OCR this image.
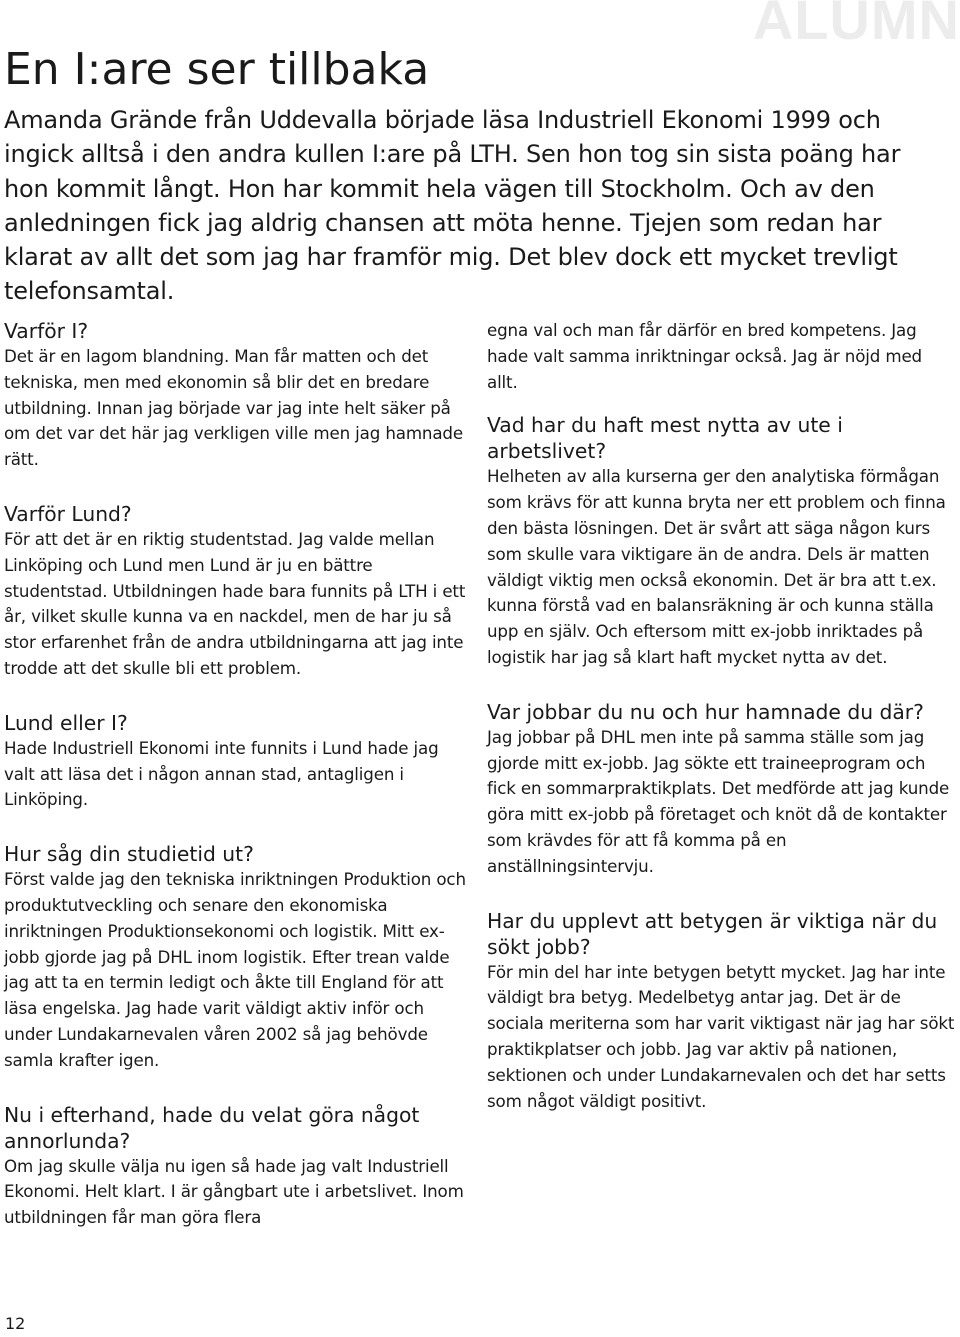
ALUMN
En I:are ser tillbaka

Amanda Grände från Uddevalla började läsa Industriell Ekonomi 1999 och ingick alltså i den andra kullen I:are på LTH. Sen hon tog sin sista poäng har hon kommit långt. Hon har kommit hela vägen till Stockholm. Och av den anledningen fick jag aldrig chansen att möta henne. Tjejen som redan har klarat av allt det som jag har framför mig. Det blev dock ett mycket trevligt telefonsamtal.

Varför I?

Det är en lagom blandning. Man får matten och det tekniska, men med ekonomin så blir det en bredare utbildning. Innan jag började var jag inte helt säker på om det var det här jag verkligen ville men jag hamnade rätt.

Varför Lund?

För att det är en riktig studentstad. Jag valde mellan Linköping och Lund men Lund är ju en bättre studentstad. Utbildningen hade bara funnits på LTH i ett år, vilket skulle kunna va en nackdel, men de har ju så stor erfarenhet från de andra utbildningarna att jag inte trodde att det skulle bli ett problem.

Lund eller I?

Hade Industriell Ekonomi inte funnits i Lund hade jag valt att läsa det i någon annan stad, antagligen i Linköping.

Hur såg din studietid ut?

Först valde jag den tekniska inriktningen Produktion och produktutveckling och senare den ekonomiska inriktningen Produktionsekonomi och logistik. Mitt ex-jobb gjorde jag på DHL inom logistik. Efter trean valde jag att ta en termin ledigt och åkte till England för att läsa engelska. Jag hade varit väldigt aktiv inför och under Lundakarnevalen våren 2002 så jag behövde samla krafter igen.

Nu i efterhand, hade du velat göra något annorlunda?

Om jag skulle välja nu igen så hade jag valt Industriell Ekonomi. Helt klart. I är gångbart ute i arbetslivet. Inom utbildningen får man göra flera

egna val och man får därför en bred kompetens. Jag hade valt samma inriktningar också. Jag är nöjd med allt.

Vad har du haft mest nytta av ute i arbetslivet?

Helheten av alla kurserna ger den analytiska förmågan som krävs för att kunna bryta ner ett problem och finna den bästa lösningen. Det är svårt att säga någon kurs som skulle vara viktigare än de andra. Dels är matten väldigt viktig men också ekonomin. Det är bra att t.ex. kunna förstå vad en balansräkning är och kunna ställa upp en själv. Och eftersom mitt ex-jobb inriktades på logistik har jag så klart haft mycket nytta av det.

Var jobbar du nu och hur hamnade du där?

Jag jobbar på DHL men inte på samma ställe som jag gjorde mitt ex-jobb. Jag sökte ett traineeprogram och fick en sommarpraktikplats. Det medförde att jag kunde göra mitt ex-jobb på företaget och knöt då de kontakter som krävdes för att få komma på en anställningsintervju.

Har du upplevt att betygen är viktiga när du sökt jobb?

För min del har inte betygen betytt mycket. Jag har inte väldigt bra betyg. Medelbetyg antar jag. Det är de sociala meriterna som har varit viktigast när jag har sökt praktikplatser och jobb. Jag var aktiv på nationen, sektionen och under Lundakarnevalen och det har setts som något väldigt positivt.

12
